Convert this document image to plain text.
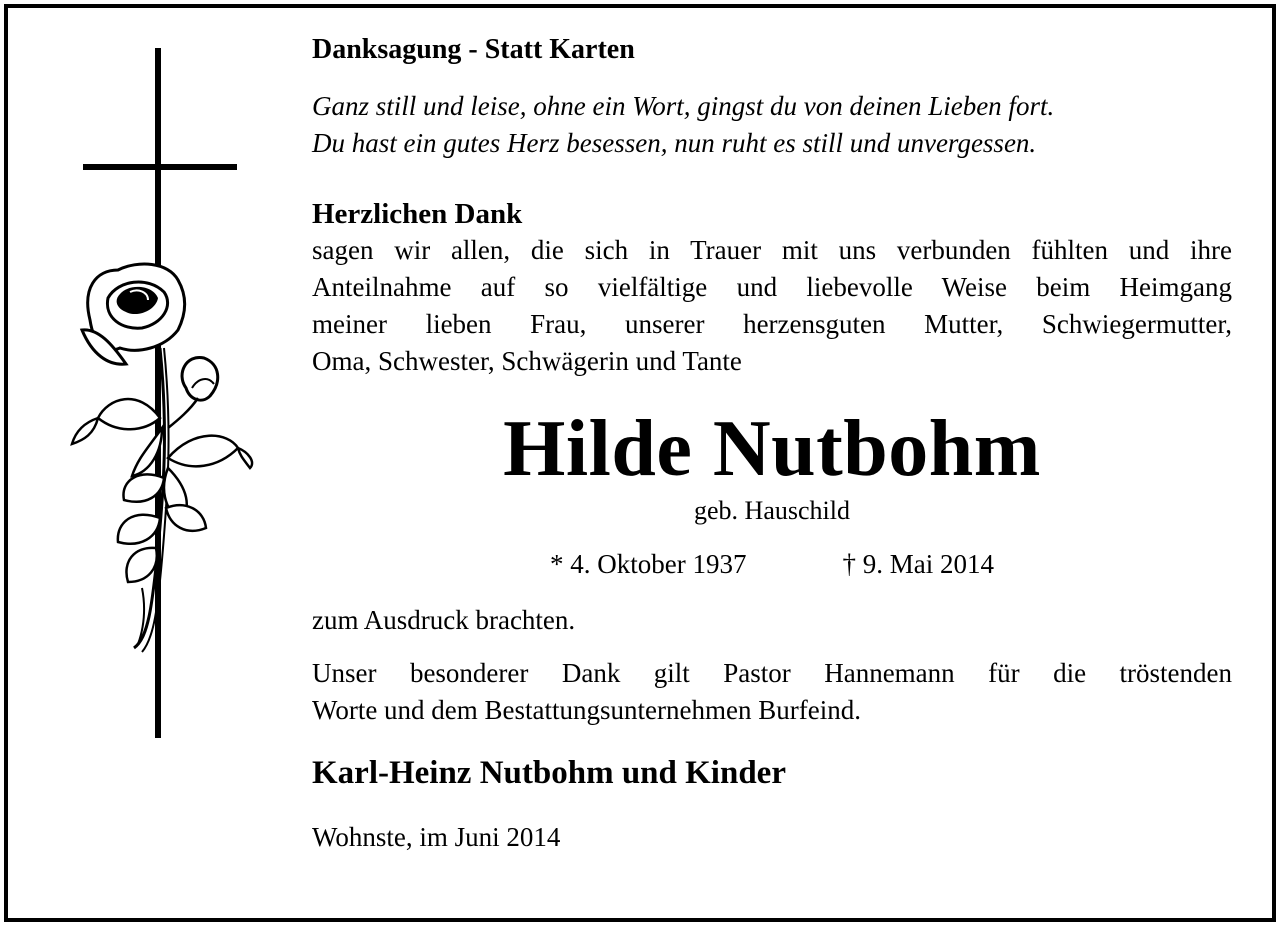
Danksagung - Statt Karten

Ganz still und leise, ohne ein Wort, gingst du von deinen Lieben fort.
Du hast ein gutes Herz besessen, nun ruht es still und unvergessen.

Herzlichen Dank

sagen wir allen, die sich in Trauer mit uns verbunden fühlten und ihre
Anteilnahme auf so vielfältige und liebevolle Weise beim Heimgang
meiner lieben Frau, unserer herzensguten Mutter, Schwiegermutter,
Oma, Schwester, Schwägerin und Tante

Hilde Nutbohm

geb. Hauschild

* 4. Oktober 1937	† 9. Mai 2014

zum Ausdruck brachten.

Unser besonderer Dank gilt Pastor Hannemann für die tröstenden
Worte und dem Bestattungsunternehmen Burfeind.

Karl-Heinz Nutbohm und Kinder

Wohnste, im Juni 2014
